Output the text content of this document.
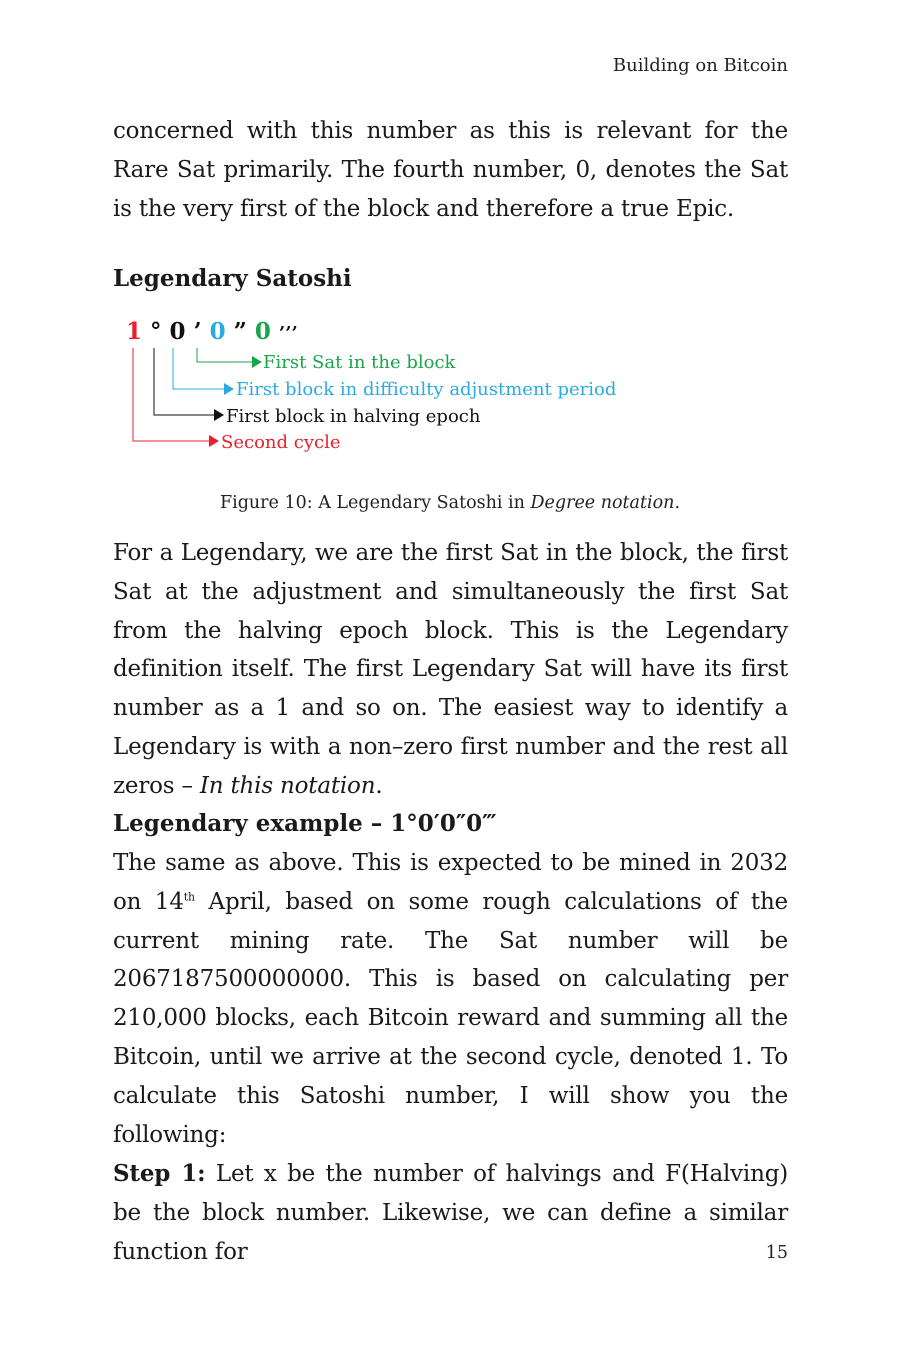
Building on Bitcoin

concerned with this number as this is relevant for the Rare Sat primarily. The fourth number, 0, denotes the Sat is the very first of the block and therefore a true Epic.

Legendary Satoshi
1 ° 0 ’ 0 ” 0 ’’’
First Sat in the block
First block in difficulty adjustment period
First block in halving epoch
Second cycle
Figure 10: A Legendary Satoshi in Degree notation.

For a Legendary, we are the first Sat in the block, the first Sat at the adjustment and simultaneously the first Sat from the halving epoch block. This is the Legendary definition itself. The first Legendary Sat will have its first number as a 1 and so on. The easiest way to identify a Legendary is with a non–zero first number and the rest all zeros – In this notation.

Legendary example – 1°0′0″0‴

The same as above. This is expected to be mined in 2032 on 14th April, based on some rough calculations of the current mining rate. The Sat number will be 2067187500000000. This is based on calculating per 210,000 blocks, each Bitcoin reward and summing all the Bitcoin, until we arrive at the second cycle, denoted 1. To calculate this Satoshi number, I will show you the following:

Step 1: Let x be the number of halvings and F(Halving) be the block number. Likewise, we can define a similar function for	15
